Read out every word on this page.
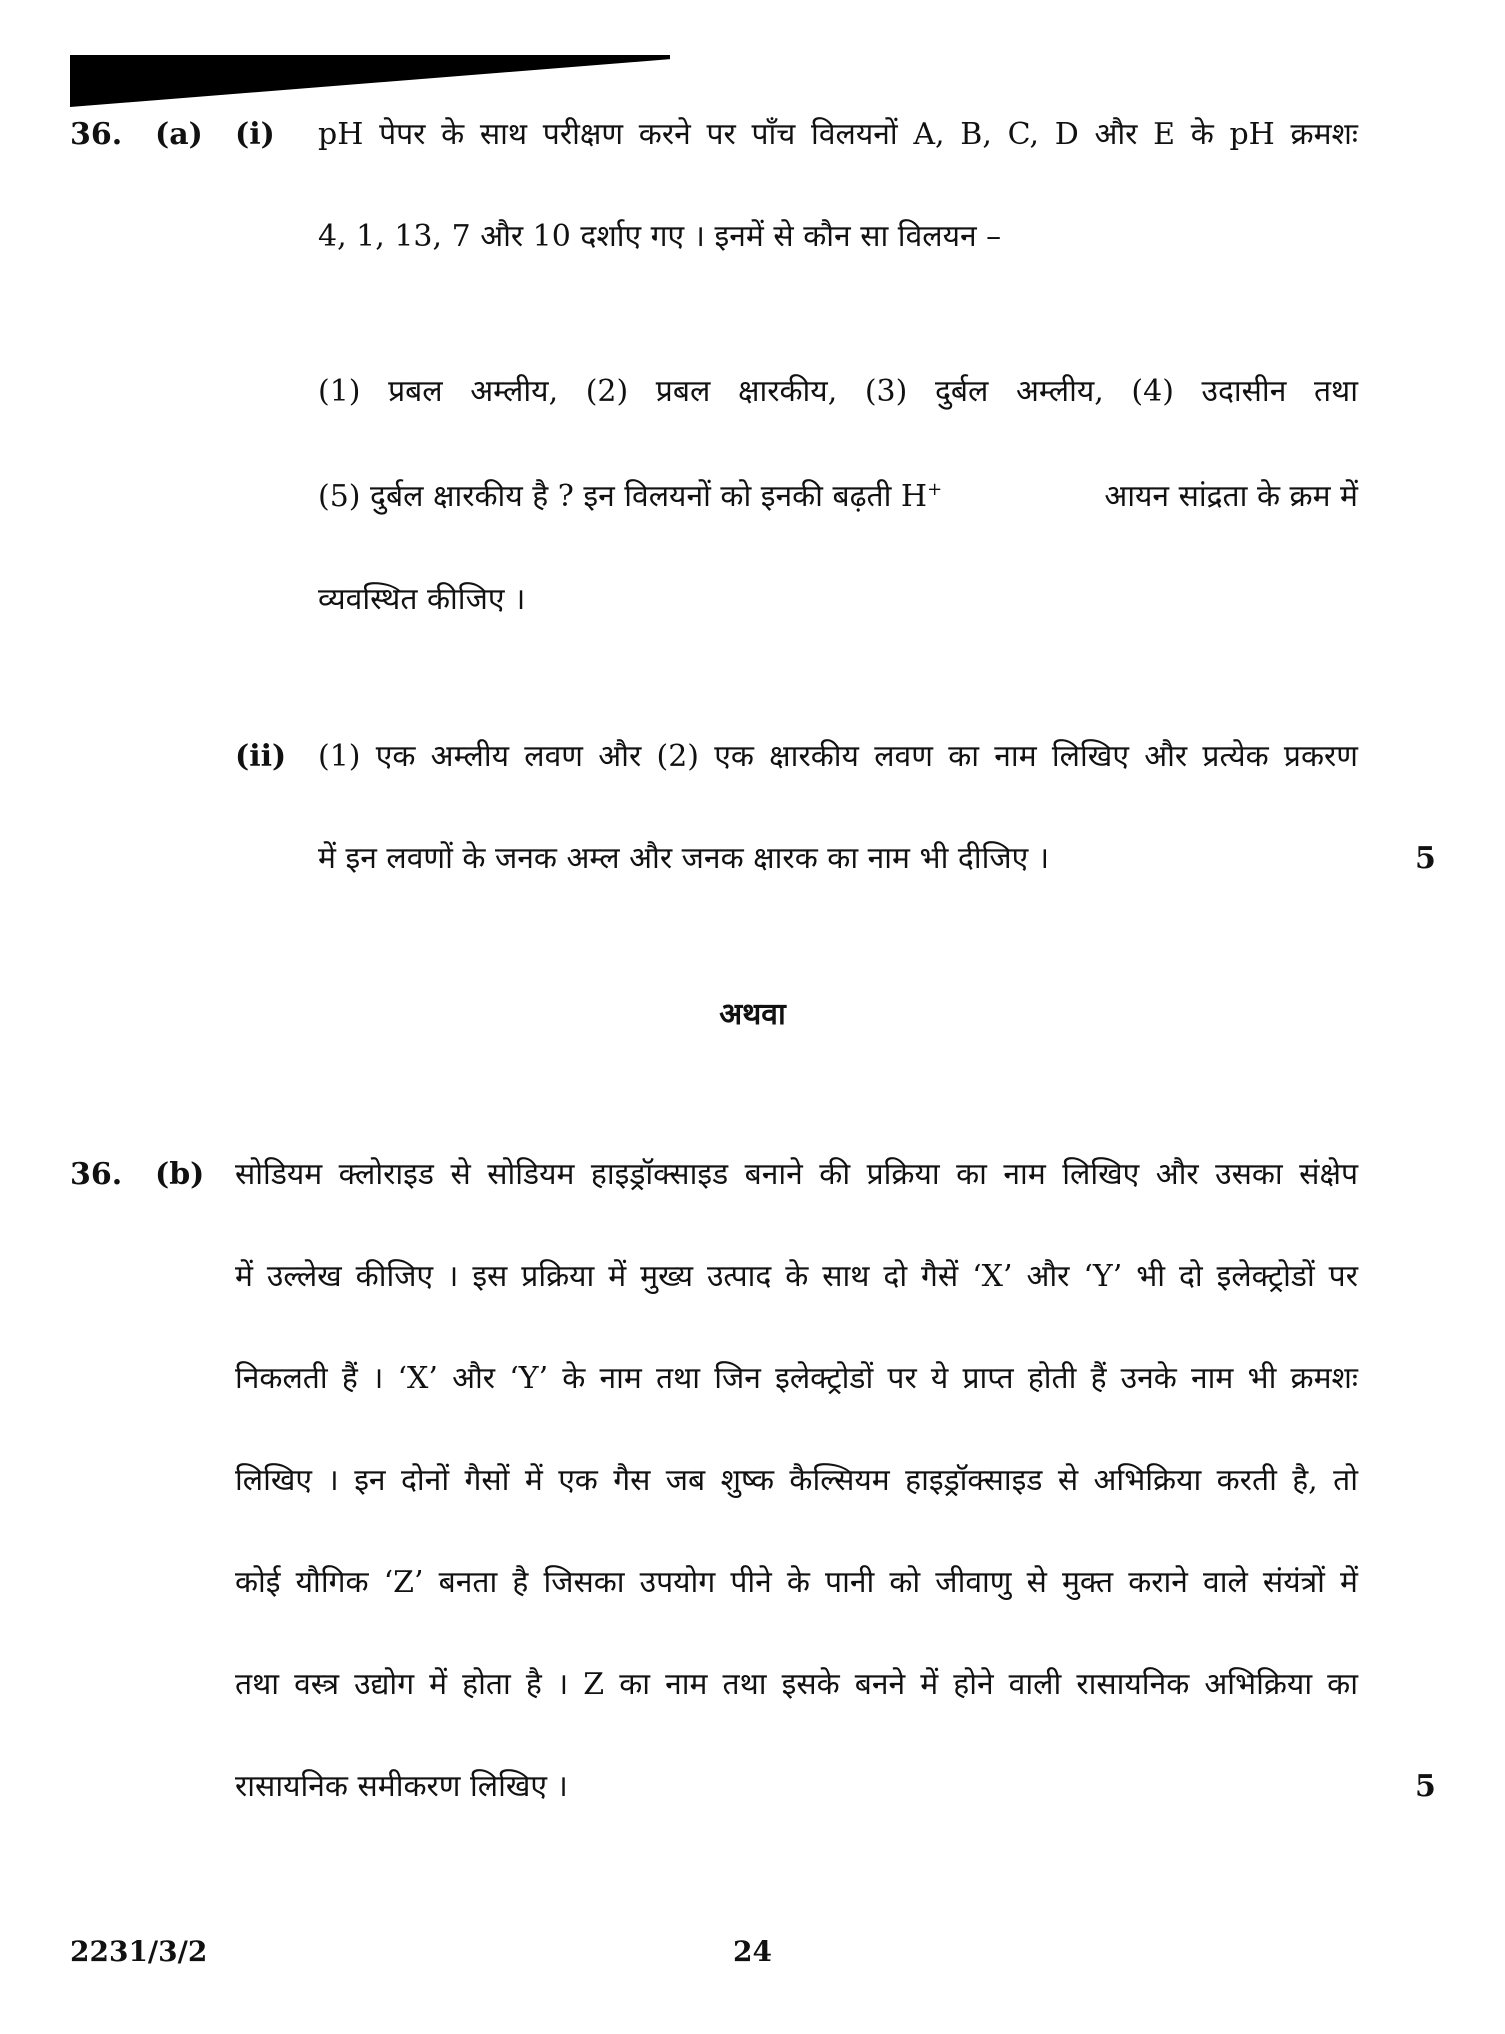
36. (a) (i) pH पेपर के साथ परीक्षण करने पर पाँच विलयनों A, B, C, D और E के pH क्रमशः
4, 1, 13, 7 और 10 दर्शाए गए । इनमें से कौन सा विलयन –
(1) प्रबल अम्लीय, (2) प्रबल क्षारकीय, (3) दुर्बल अम्लीय, (4) उदासीन तथा
(5) दुर्बल क्षारकीय है ? इन विलयनों को इनकी बढ़ती H+	आयन सांद्रता के क्रम में
व्यवस्थित कीजिए ।
(ii) (1) एक अम्लीय लवण और (2) एक क्षारकीय लवण का नाम लिखिए और प्रत्येक प्रकरण
में इन लवणों के जनक अम्ल और जनक क्षारक का नाम भी दीजिए ।	5
अथवा
36. (b) सोडियम क्लोराइड से सोडियम हाइड्रॉक्साइड बनाने की प्रक्रिया का नाम लिखिए और उसका संक्षेप
में उल्लेख कीजिए । इस प्रक्रिया में मुख्य उत्पाद के साथ दो गैसें ‘X’ और ‘Y’ भी दो इलेक्ट्रोडों पर
निकलती हैं । ‘X’ और ‘Y’ के नाम तथा जिन इलेक्ट्रोडों पर ये प्राप्त होती हैं उनके नाम भी क्रमशः
लिखिए । इन दोनों गैसों में एक गैस जब शुष्क कैल्सियम हाइड्रॉक्साइड से अभिक्रिया करती है, तो
कोई यौगिक ‘Z’ बनता है जिसका उपयोग पीने के पानी को जीवाणु से मुक्त कराने वाले संयंत्रों में
तथा वस्त्र उद्योग में होता है । Z का नाम तथा इसके बनने में होने वाली रासायनिक अभिक्रिया का
रासायनिक समीकरण लिखिए ।	5
2231/3/2	24
